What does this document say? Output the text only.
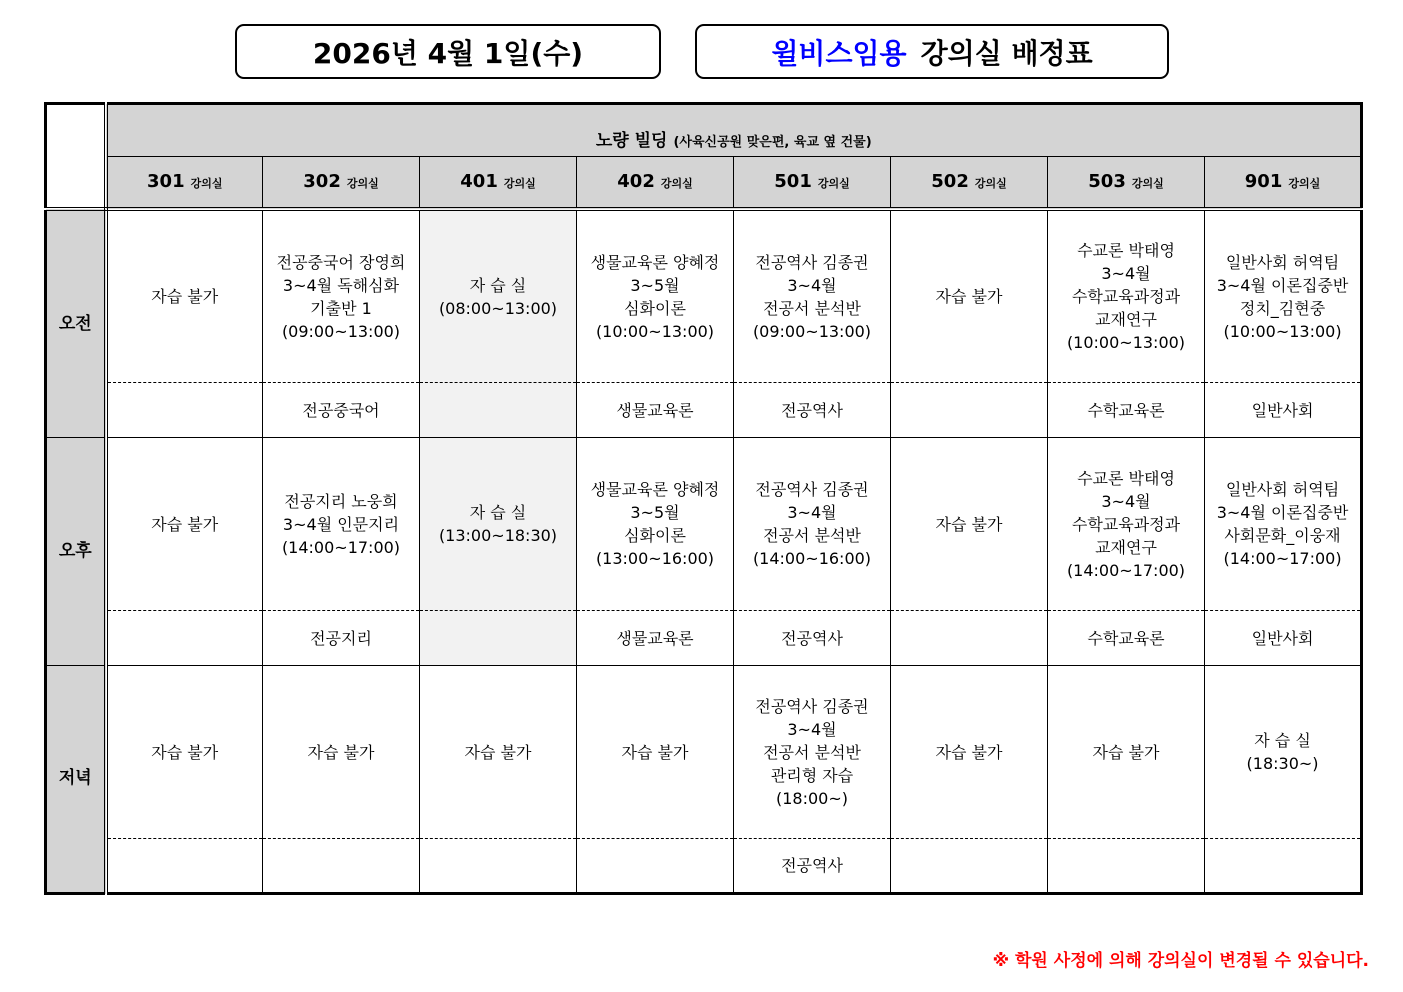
2026년 4월 1일(수)	윌비스임용 강의실 배정표

노량 빌딩 (사육신공원 맞은편, 육교 옆 건물)							

	301 강의실	302 강의실	401 강의실	402 강의실	501 강의실	502 강의실	503 강의실	901 강의실
오전	자습 불가	전공중국어 장영희
3~4월 독해심화
기출반 1
(09:00~13:00)	자 습 실
(08:00~13:00)	생물교육론 양혜정
3~5월
심화이론
(10:00~13:00)	전공역사 김종권
3~4월
전공서 분석반
(09:00~13:00)	자습 불가	수교론 박태영
3~4월
수학교육과정과
교재연구
(10:00~13:00)	일반사회 허역팀
3~4월 이론집중반
정치_김현중
(10:00~13:00)
		전공중국어		생물교육론	전공역사		수학교육론	일반사회
오후	자습 불가	전공지리 노웅희
3~4월 인문지리
(14:00~17:00)	자 습 실
(13:00~18:30)	생물교육론 양혜정
3~5월
심화이론
(13:00~16:00)	전공역사 김종권
3~4월
전공서 분석반
(14:00~16:00)	자습 불가	수교론 박태영
3~4월
수학교육과정과
교재연구
(14:00~17:00)	일반사회 허역팀
3~4월 이론집중반
사회문화_이웅재
(14:00~17:00)
		전공지리		생물교육론	전공역사		수학교육론	일반사회
저녁	자습 불가	자습 불가	자습 불가	자습 불가	전공역사 김종권
3~4월
전공서 분석반
관리형 자습
(18:00~)	자습 불가	자습 불가	자 습 실
(18:30~)
					전공역사			
※ 학원 사정에 의해 강의실이 변경될 수 있습니다.
